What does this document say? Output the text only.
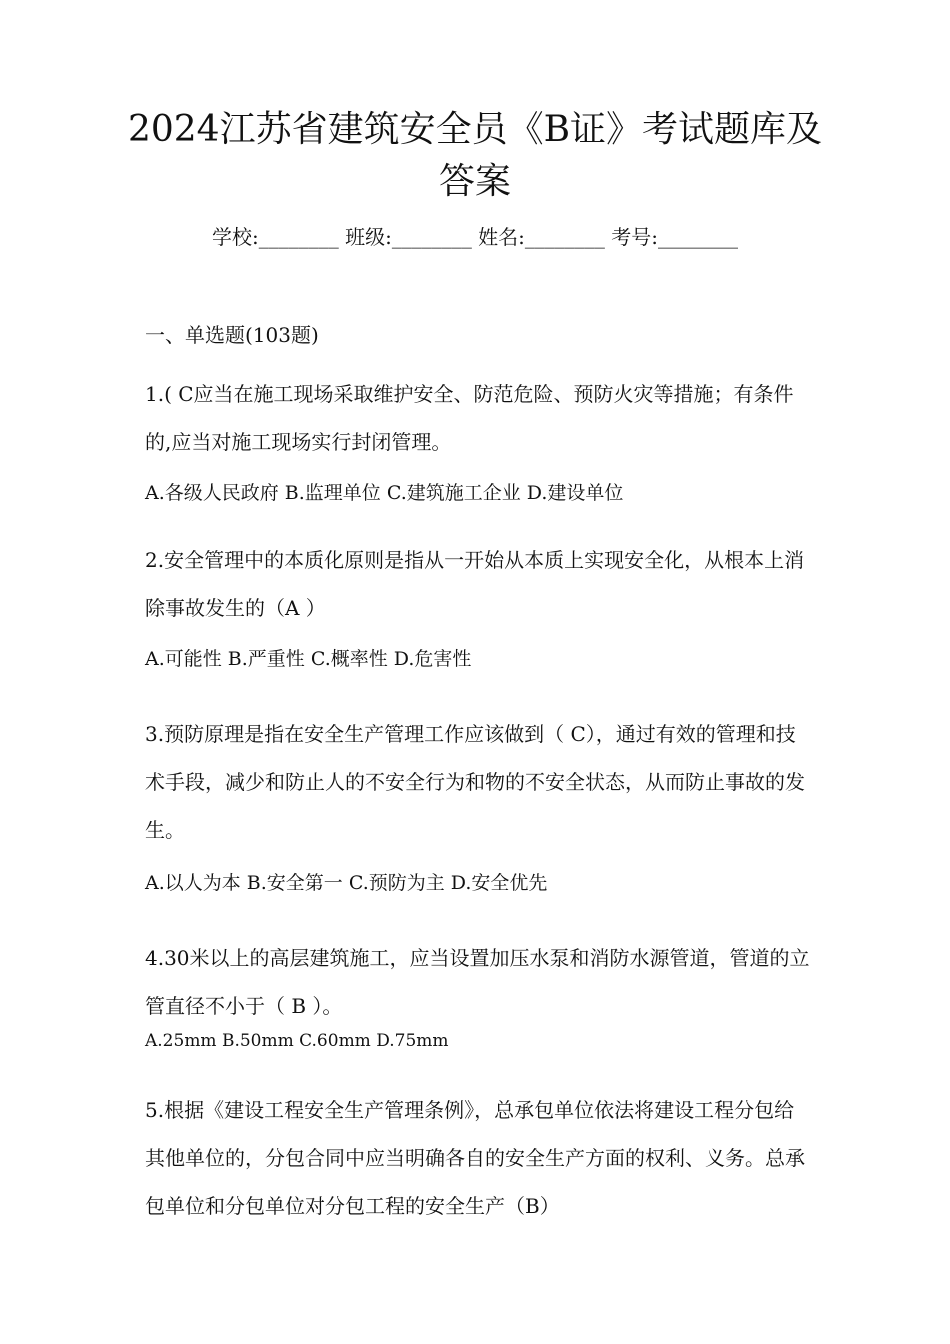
2024江苏省建筑安全员《B证》考试题库及
答案
学校:________ 班级:________ 姓名:________ 考号:________
一、单选题(103题)

1.( C应当在施工现场采取维护安全、防范危险、预防火灾等措施；有条件的,应当对施工现场实行封闭管理。

A.各级人民政府 B.监理单位 C.建筑施工企业 D.建设单位

2.安全管理中的本质化原则是指从一开始从本质上实现安全化，从根本上消除事故发生的（A ）

A.可能性 B.严重性 C.概率性 D.危害性

3.预防原理是指在安全生产管理工作应该做到（ C），通过有效的管理和技术手段，减少和防止人的不安全行为和物的不安全状态，从而防止事故的发生。

A.以人为本 B.安全第一 C.预防为主 D.安全优先

4.30米以上的高层建筑施工，应当设置加压水泵和消防水源管道，管道的立管直径不小于（ B ）。

A.25mm B.50mm C.60mm D.75mm

5.根据《建设工程安全生产管理条例》，总承包单位依法将建设工程分包给其他单位的，分包合同中应当明确各自的安全生产方面的权利、义务。总承包单位和分包单位对分包工程的安全生产（B）
